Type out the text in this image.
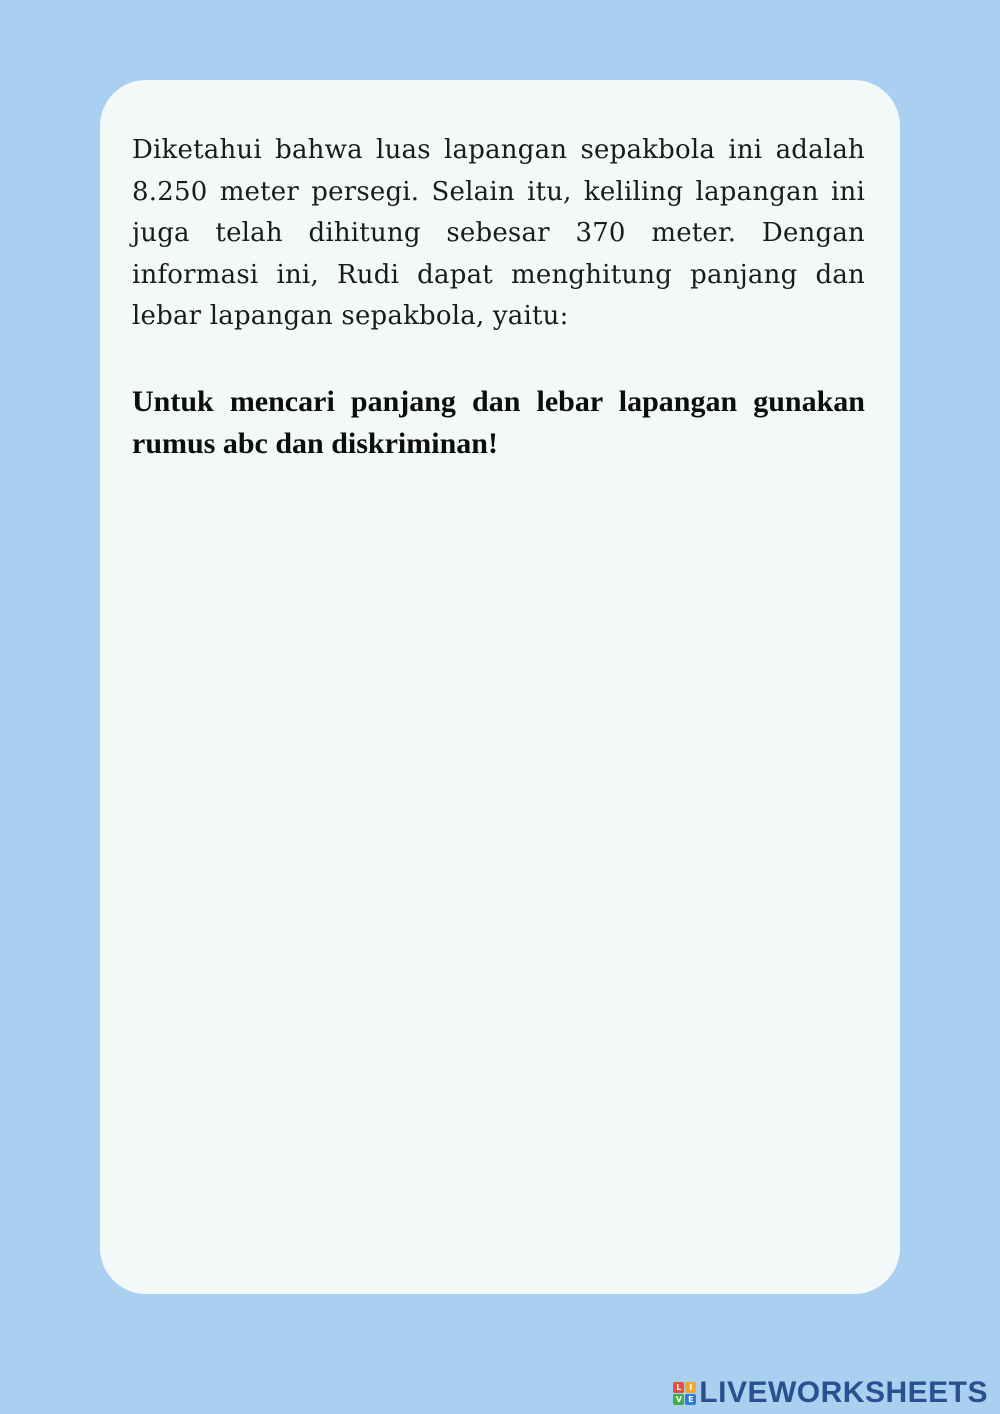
Diketahui bahwa luas lapangan sepakbola ini adalah 8.250 meter persegi. Selain itu, keliling lapangan ini juga telah dihitung sebesar 370 meter. Dengan informasi ini, Rudi dapat menghitung panjang dan lebar lapangan sepakbola, yaitu:

Untuk mencari panjang dan lebar lapangan gunakan rumus abc dan diskriminan!

L I
V E LIVEWORKSHEETS
